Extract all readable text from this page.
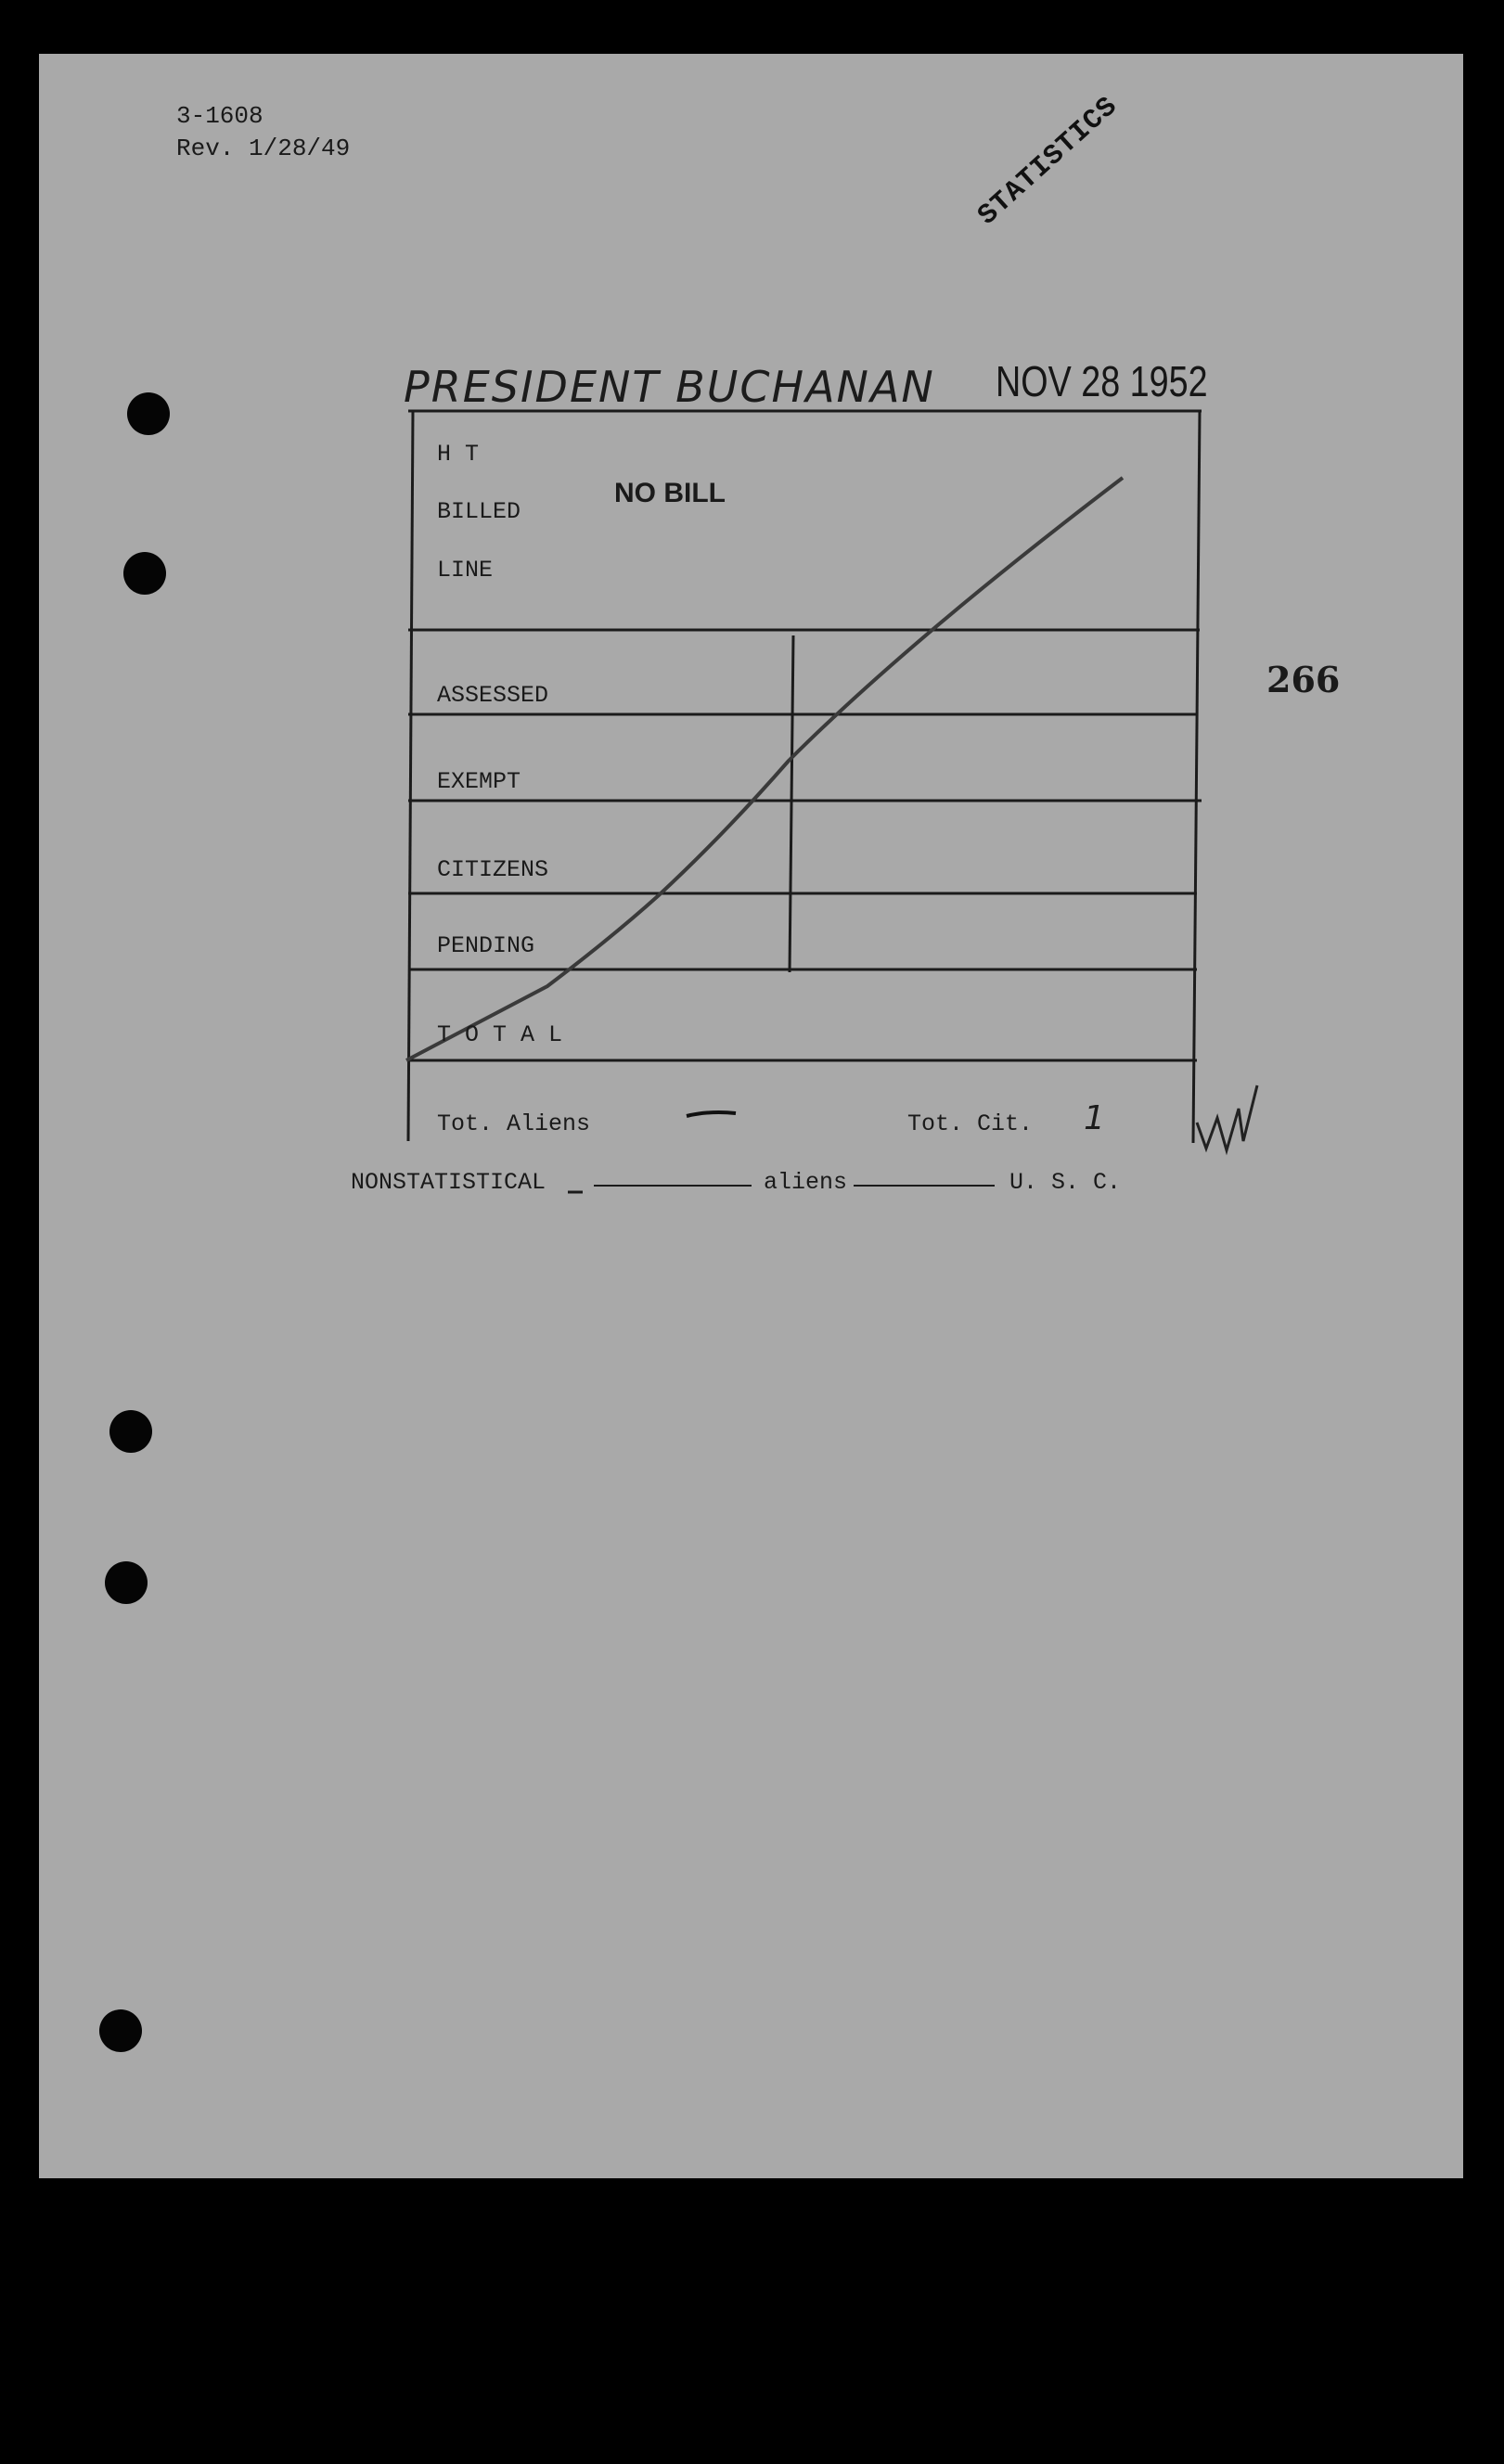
3-1608
Rev. 1/28/49	STATISTICS
PRESIDENT BUCHANAN NOV 28 1952
266
H T
BILLED
LINE
NO BILL
ASSESSED
EXEMPT
CITIZENS
PENDING
T O T A L
Tot. Aliens	Tot. Cit. 1
NONSTATISTICAL	aliens	U. S. C.
